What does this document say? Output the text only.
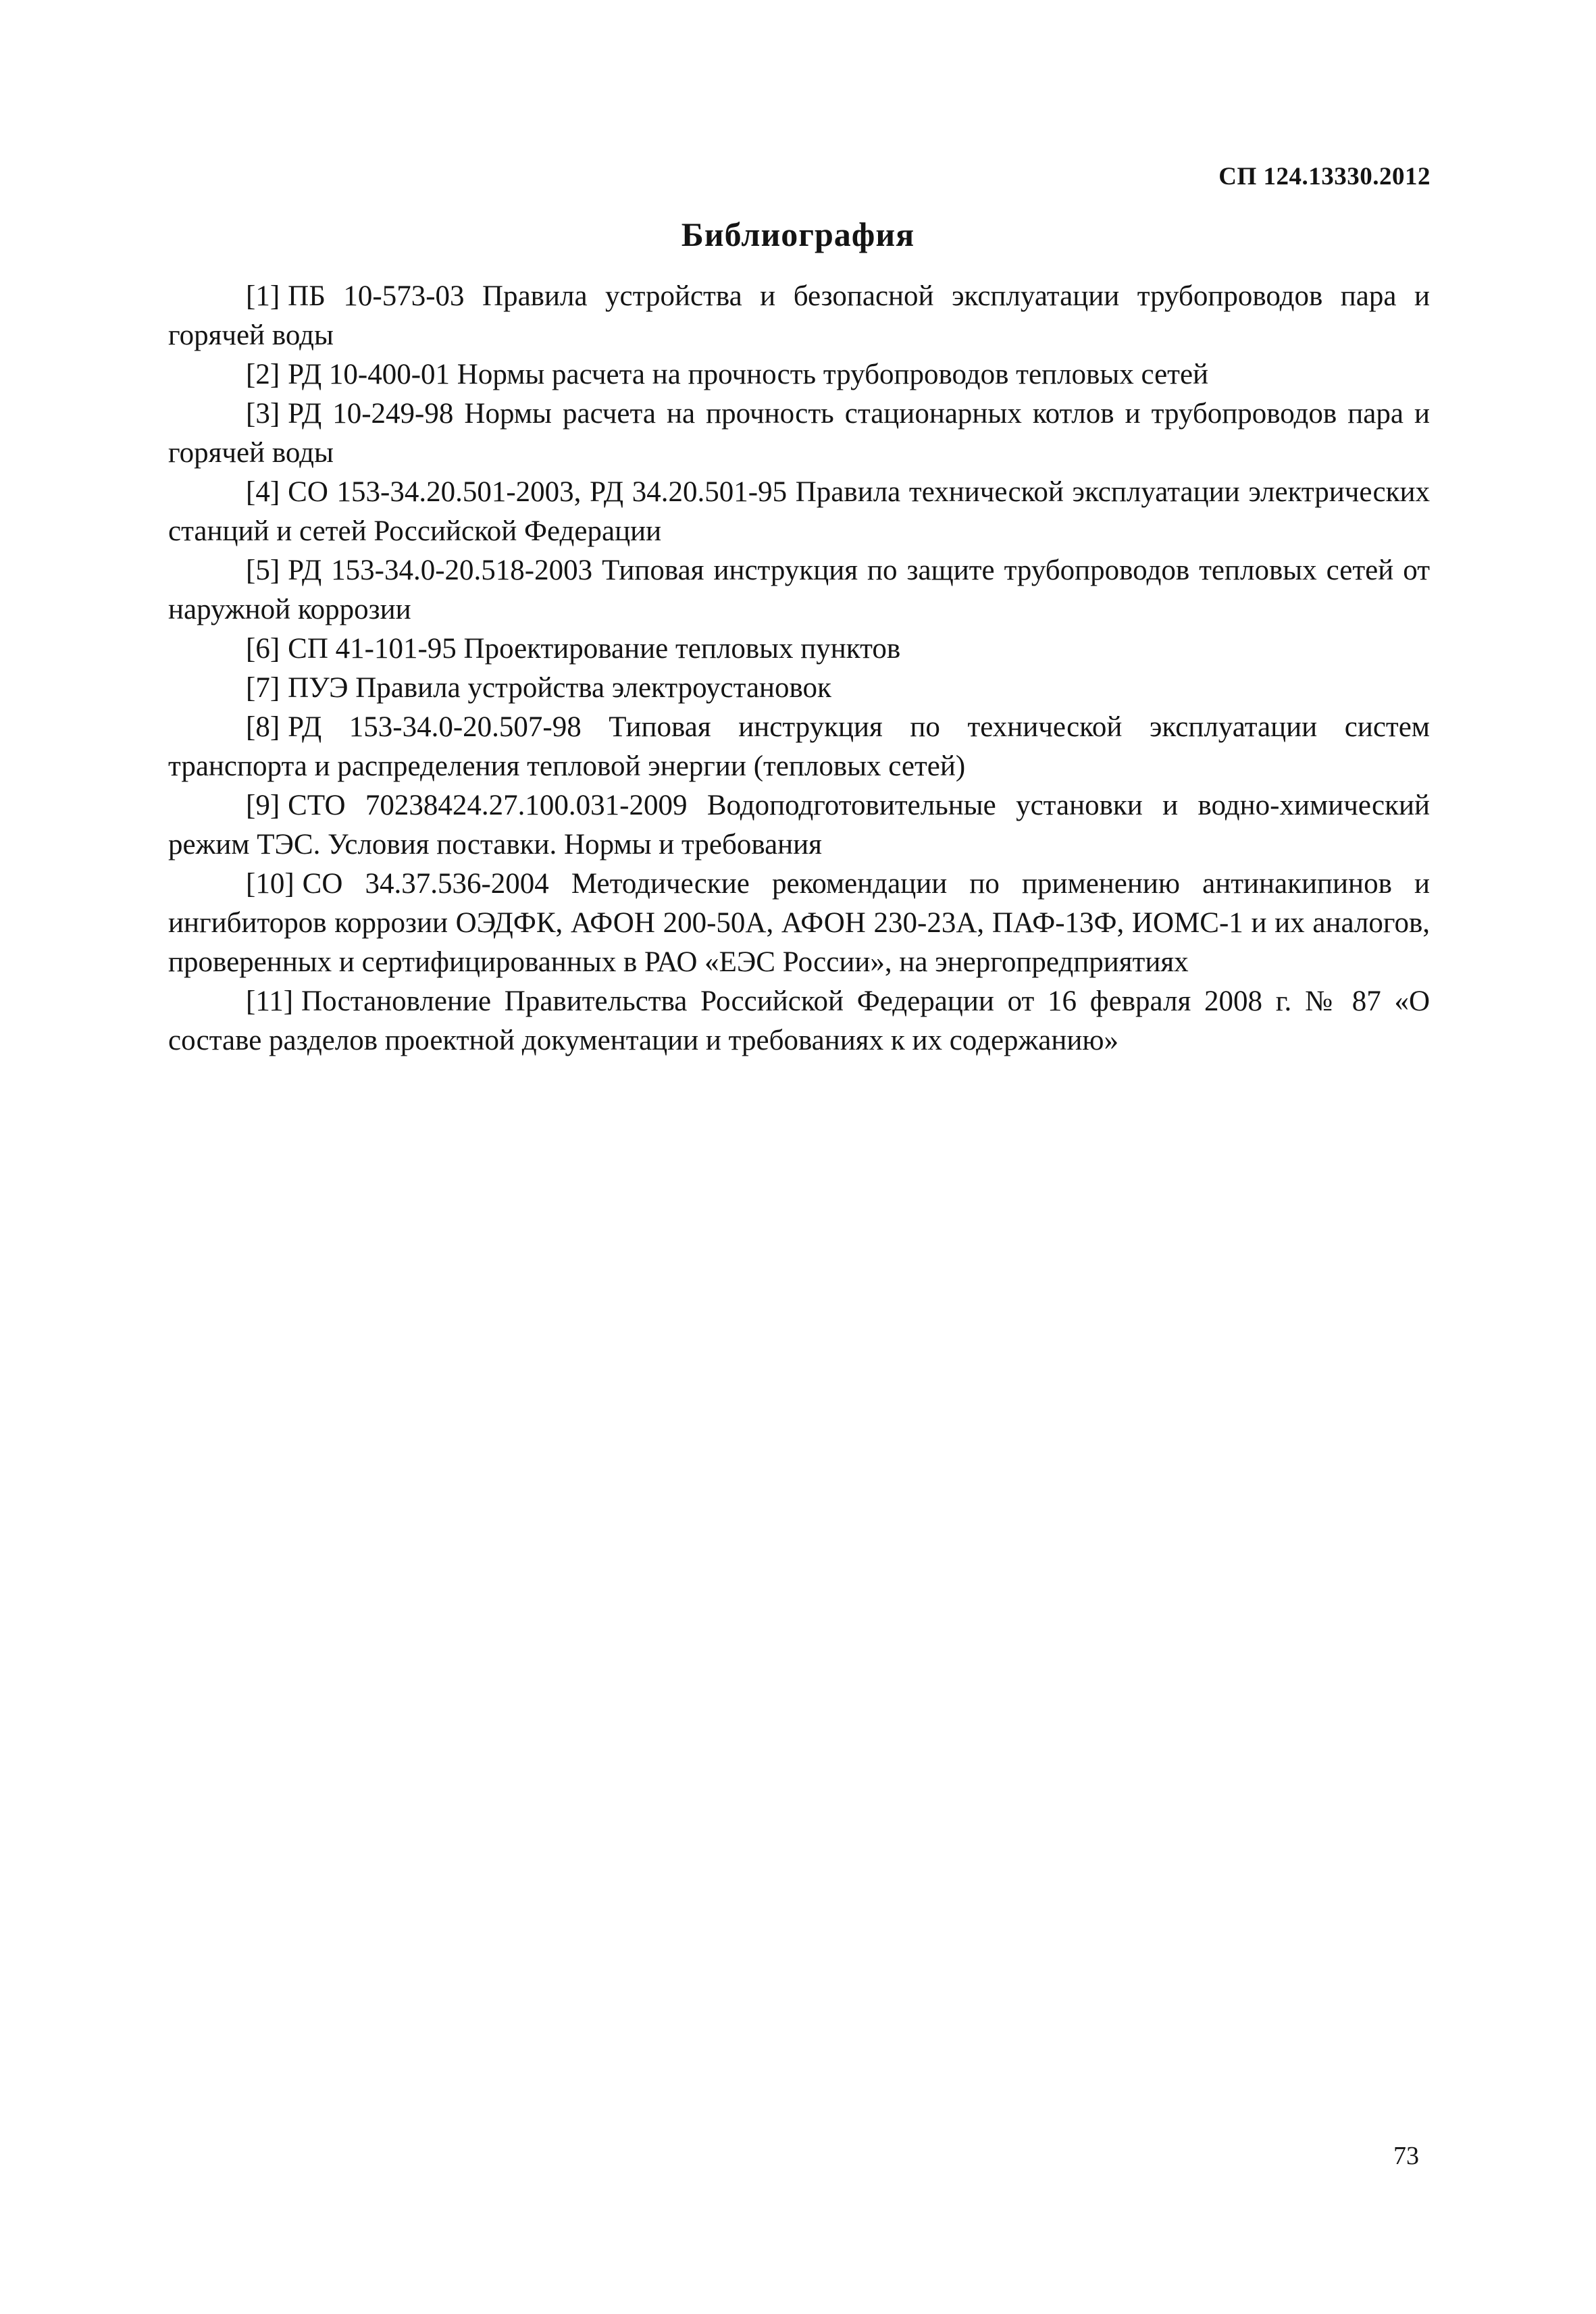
СП 124.13330.2012
Библиография
[1] ПБ 10-573-03 Правила устройства и безопасной эксплуатации трубопроводов пара и горячей воды
[2] РД 10-400-01 Нормы расчета на прочность трубопроводов тепловых сетей
[3] РД 10-249-98 Нормы расчета на прочность стационарных котлов и трубопроводов пара и горячей воды
[4] СО 153-34.20.501-2003, РД 34.20.501-95 Правила технической эксплуатации электрических станций и сетей Российской Федерации
[5] РД 153-34.0-20.518-2003 Типовая инструкция по защите трубопроводов тепловых сетей от наружной коррозии
[6] СП 41-101-95 Проектирование тепловых пунктов
[7] ПУЭ Правила устройства электроустановок
[8] РД 153-34.0-20.507-98 Типовая инструкция по технической эксплуатации систем транспорта и распределения тепловой энергии (тепловых сетей)
[9] СТО 70238424.27.100.031-2009 Водоподготовительные установки и водно-химический режим ТЭС. Условия поставки. Нормы и требования
[10] СО 34.37.536-2004 Методические рекомендации по применению антинакипинов и ингибиторов коррозии ОЭДФК, АФОН 200-50А, АФОН 230-23А, ПАФ-13Ф, ИОМС-1 и их аналогов, проверенных и сертифицированных в РАО «ЕЭС России», на энергопредприятиях
[11] Постановление Правительства Российской Федерации от 16 февраля 2008 г. № 87 «О составе разделов проектной документации и требованиях к их содержанию»
73
